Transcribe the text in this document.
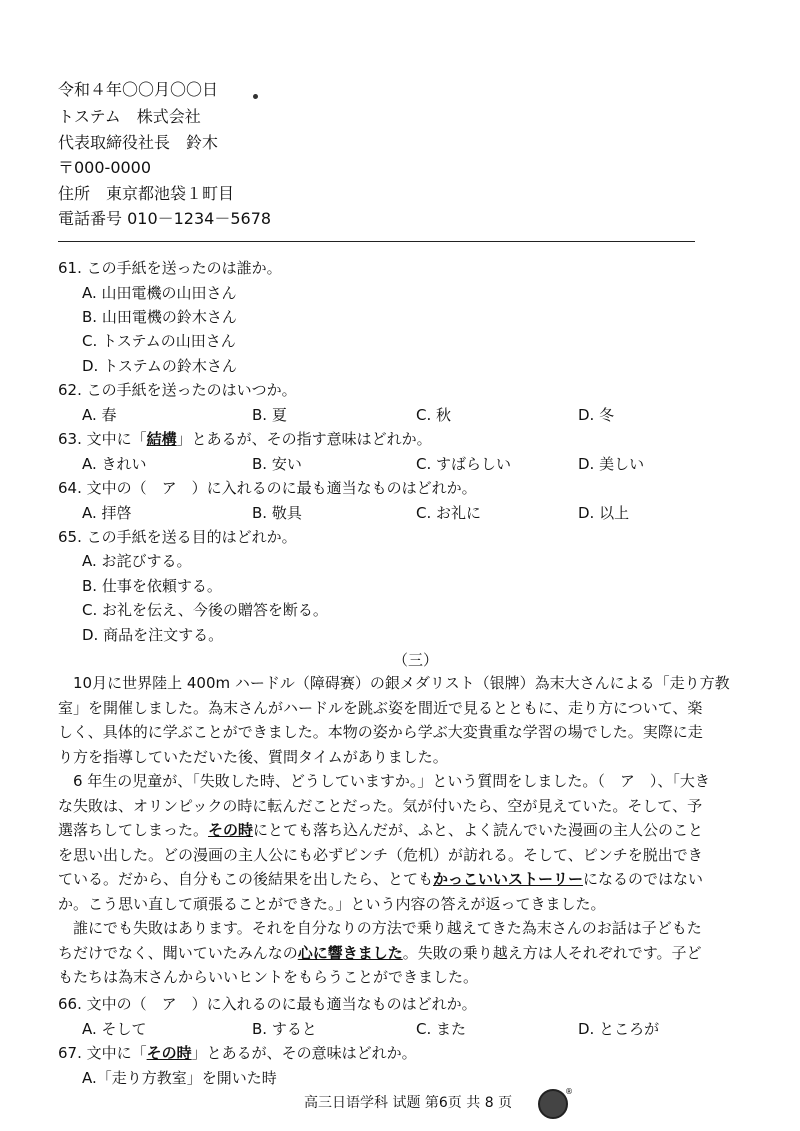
令和４年〇〇月〇〇日
トステム　株式会社
代表取締役社長　鈴木
〒000-0000
住所　東京都池袋１町目
電話番号 010－1234－5678
61. この手紙を送ったのは誰か。
A. 山田電機の山田さん
B. 山田電機の鈴木さん
C. トステムの山田さん
D. トステムの鈴木さん
62. この手紙を送ったのはいつか。
A. 春	B. 夏	C. 秋	D. 冬
63. 文中に「結構」とあるが、その指す意味はどれか。
A. きれい	B. 安い	C. すばらしい	D. 美しい
64. 文中の（　ア　）に入れるのに最も適当なものはどれか。
A. 拝啓	B. 敬具	C. お礼に	D. 以上
65. この手紙を送る目的はどれか。
A. お詫びする。
B. 仕事を依頼する。
C. お礼を伝え、今後の贈答を断る。
D. 商品を注文する。
（三）
10月に世界陸上 400m ハードル（障碍赛）の銀メダリスト（银牌）為末大さんによる「走り方教
室」を開催しました。為末さんがハードルを跳ぶ姿を間近で見るとともに、走り方について、楽
しく、具体的に学ぶことができました。本物の姿から学ぶ大変貴重な学習の場でした。実際に走
り方を指導していただいた後、質問タイムがありました。
6 年生の児童が、「失敗した時、どうしていますか。」という質問をしました。（　ア　）、「大き
な失敗は、オリンピックの時に転んだことだった。気が付いたら、空が見えていた。そして、予
選落ちしてしまった。その時にとても落ち込んだが、ふと、よく読んでいた漫画の主人公のこと
を思い出した。どの漫画の主人公にも必ずピンチ（危机）が訪れる。そして、ピンチを脱出でき
ている。だから、自分もこの後結果を出したら、とてもかっこいいストーリーになるのではない
か。こう思い直して頑張ることができた。」という内容の答えが返ってきました。
誰にでも失敗はあります。それを自分なりの方法で乗り越えてきた為末さんのお話は子どもた
ちだけでなく、聞いていたみんなの心に響きました。失敗の乗り越え方は人それぞれです。子ど
もたちは為末さんからいいヒントをもらうことができました。
66. 文中の（　ア　）に入れるのに最も適当なものはどれか。
A. そして	B. すると	C. また	D. ところが
67. 文中に「その時」とあるが、その意味はどれか。
A.「走り方教室」を開いた時
高三日语学科 试题 第6页 共 8 页
®
